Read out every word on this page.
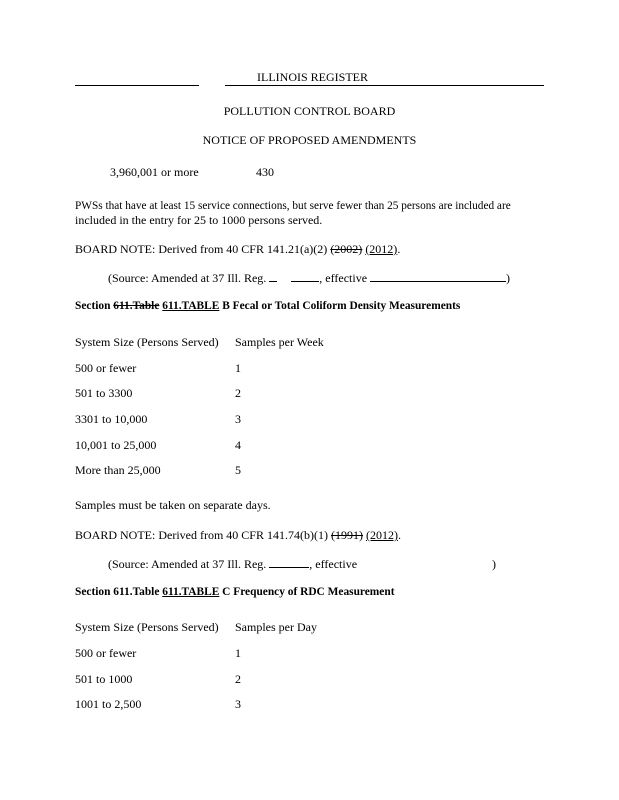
ILLINOIS REGISTER
POLLUTION CONTROL BOARD
NOTICE OF PROPOSED AMENDMENTS
3,960,001 or more	430
PWSs that have at least 15 service connections, but serve fewer than 25 persons are included are
included in the entry for 25 to 1000 persons served.
BOARD NOTE: Derived from 40 CFR 141.21(a)(2) (2002) (2012).
(Source: Amended at 37 Ill. Reg.	, effective	)
Section 611.Table 611.TABLE B Fecal or Total Coliform Density Measurements
System Size (Persons Served) Samples per Week
500 or fewer	1
501 to 3300	2
3301 to 10,000	3
10,001 to 25,000	4
More than 25,000	5
Samples must be taken on separate days.
BOARD NOTE: Derived from 40 CFR 141.74(b)(1) (1991) (2012).
(Source: Amended at 37 Ill. Reg.	, effective	)
Section 611.Table 611.TABLE C Frequency of RDC Measurement
System Size (Persons Served) Samples per Day
500 or fewer	1
501 to 1000	2
1001 to 2,500	3
